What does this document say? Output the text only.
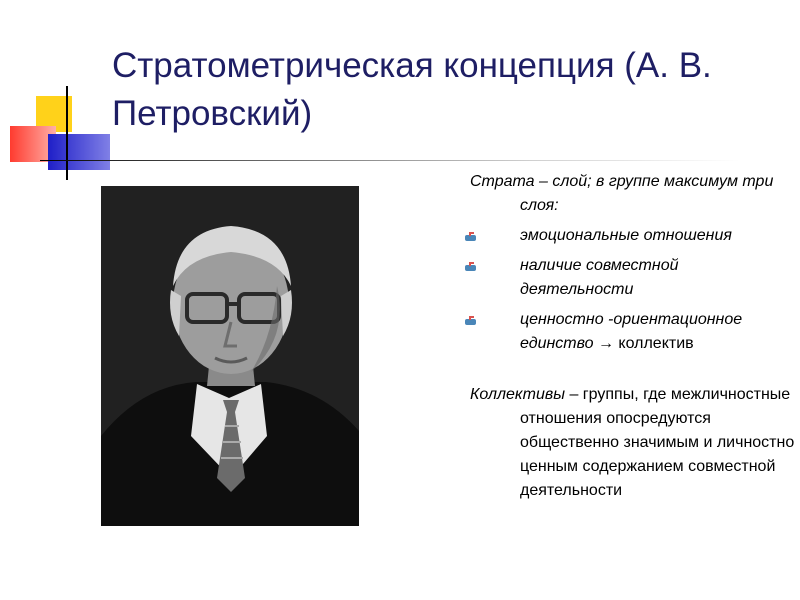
Стратометрическая концепция (А. В. Петровский)

Страта – слой; в группе максимум три слоя:

эмоциональные отношения
наличие совместной деятельности
ценностно -ориентационное единство → коллектив

Коллективы – группы, где межличностные отношения опосредуются общественно значимым и личностно ценным содержанием совместной деятельности
